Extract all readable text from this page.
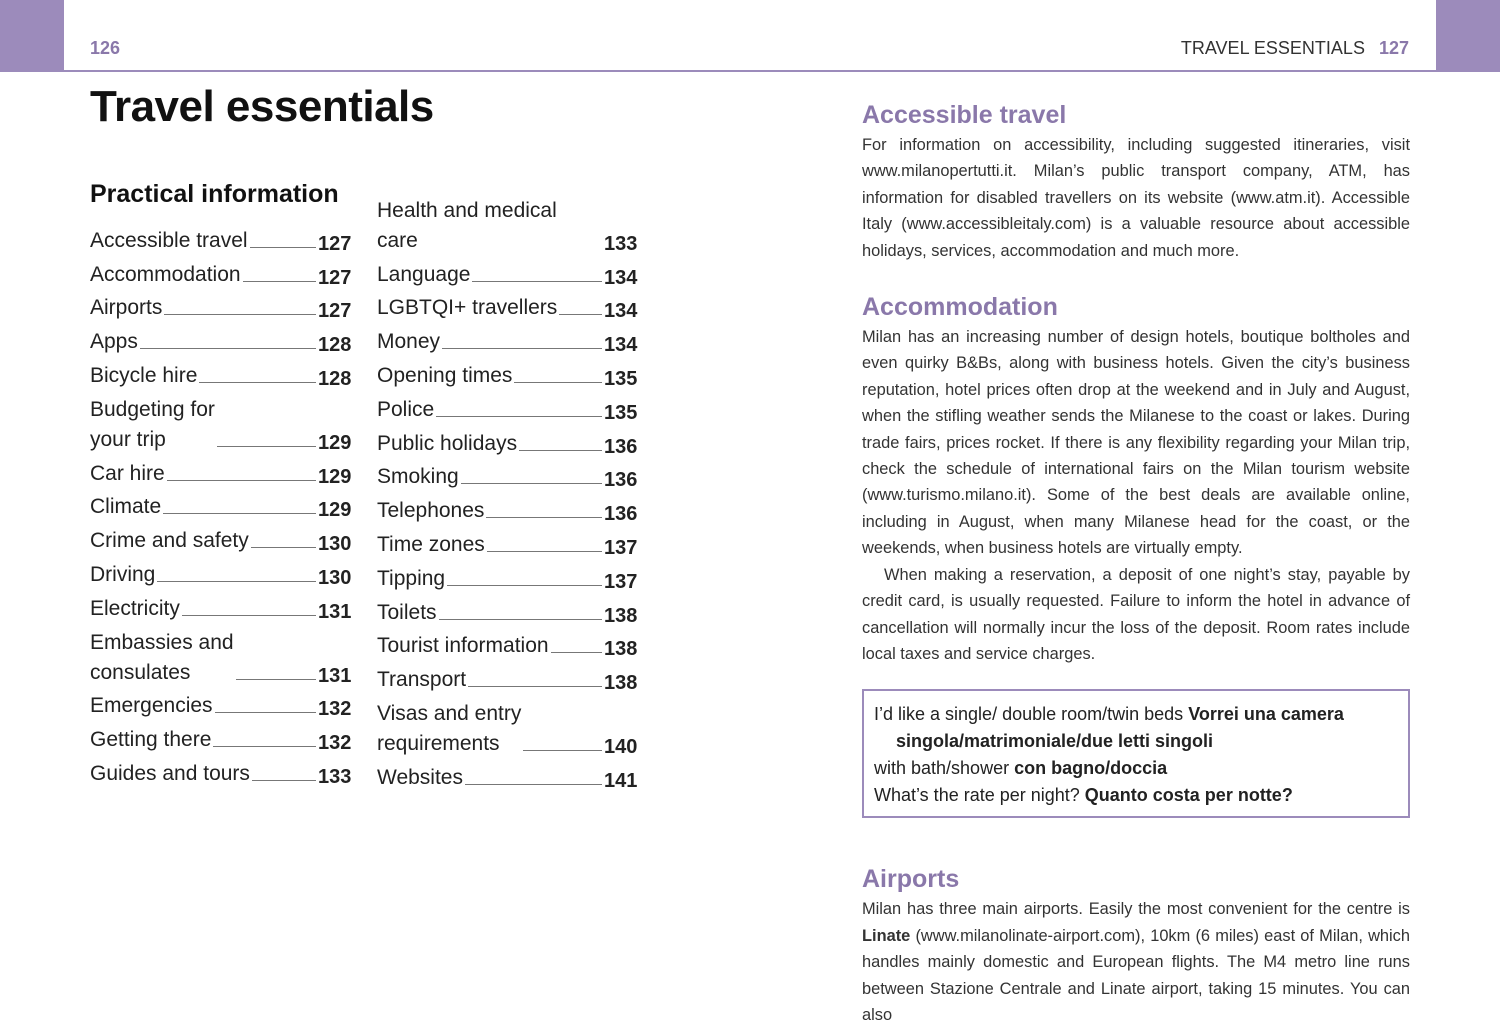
126	TRAVEL ESSENTIALS 127
Travel essentials
Practical information
Accessible travel	127
Accommodation	127
Airports	127
Apps	128
Bicycle hire	128
Budgeting for
your trip	129
Car hire	129
Climate	129
Crime and safety	130
Driving	130
Electricity	131
Embassies and
consulates	131
Emergencies	132
Getting there	132
Guides and tours	133
Health and medical care	133
Language	134
LGBTQI+ travellers 134
Money	134
Opening times	135
Police	135
Public holidays	136
Smoking	136
Telephones	136
Time zones	137
Tipping	137
Toilets	138
Tourist information	138
Transport	138
Visas and entry
requirements	140
Websites	141
Accessible travel

For information on accessibility, including suggested itineraries, visit www.milanopertutti.it. Milan’s public transport company, ATM, has information for disabled travellers on its website (www.atm.it). Accessible Italy (www.accessibleitaly.com) is a valuable resource about accessible holidays, services, accommodation and much more.

Accommodation

Milan has an increasing number of design hotels, boutique boltholes and even quirky B&Bs, along with business hotels. Given the city’s business reputation, hotel prices often drop at the weekend and in July and August, when the stifling weather sends the Milanese to the coast or lakes. During trade fairs, prices rocket. If there is any flexibility regarding your Milan trip, check the schedule of international fairs on the Milan tourism website (www.turismo.milano.it). Some of the best deals are available online, including in August, when many Milanese head for the coast, or the weekends, when business hotels are virtually empty.

When making a reservation, a deposit of one night’s stay, payable by credit card, is usually requested. Failure to inform the hotel in advance of cancellation will normally incur the loss of the deposit. Room rates include local taxes and service charges.

I’d like a single/ double room/twin beds Vorrei una camera
singola/matrimoniale/due letti singoli
with bath/shower con bagno/doccia
What’s the rate per night? Quanto costa per notte?
Airports

Milan has three main airports. Easily the most convenient for the centre is Linate (www.milanolinate-airport.com), 10km (6 miles) east of Milan, which handles mainly domestic and European flights. The M4 metro line runs between Stazione Centrale and Linate airport, taking 15 minutes. You can also
